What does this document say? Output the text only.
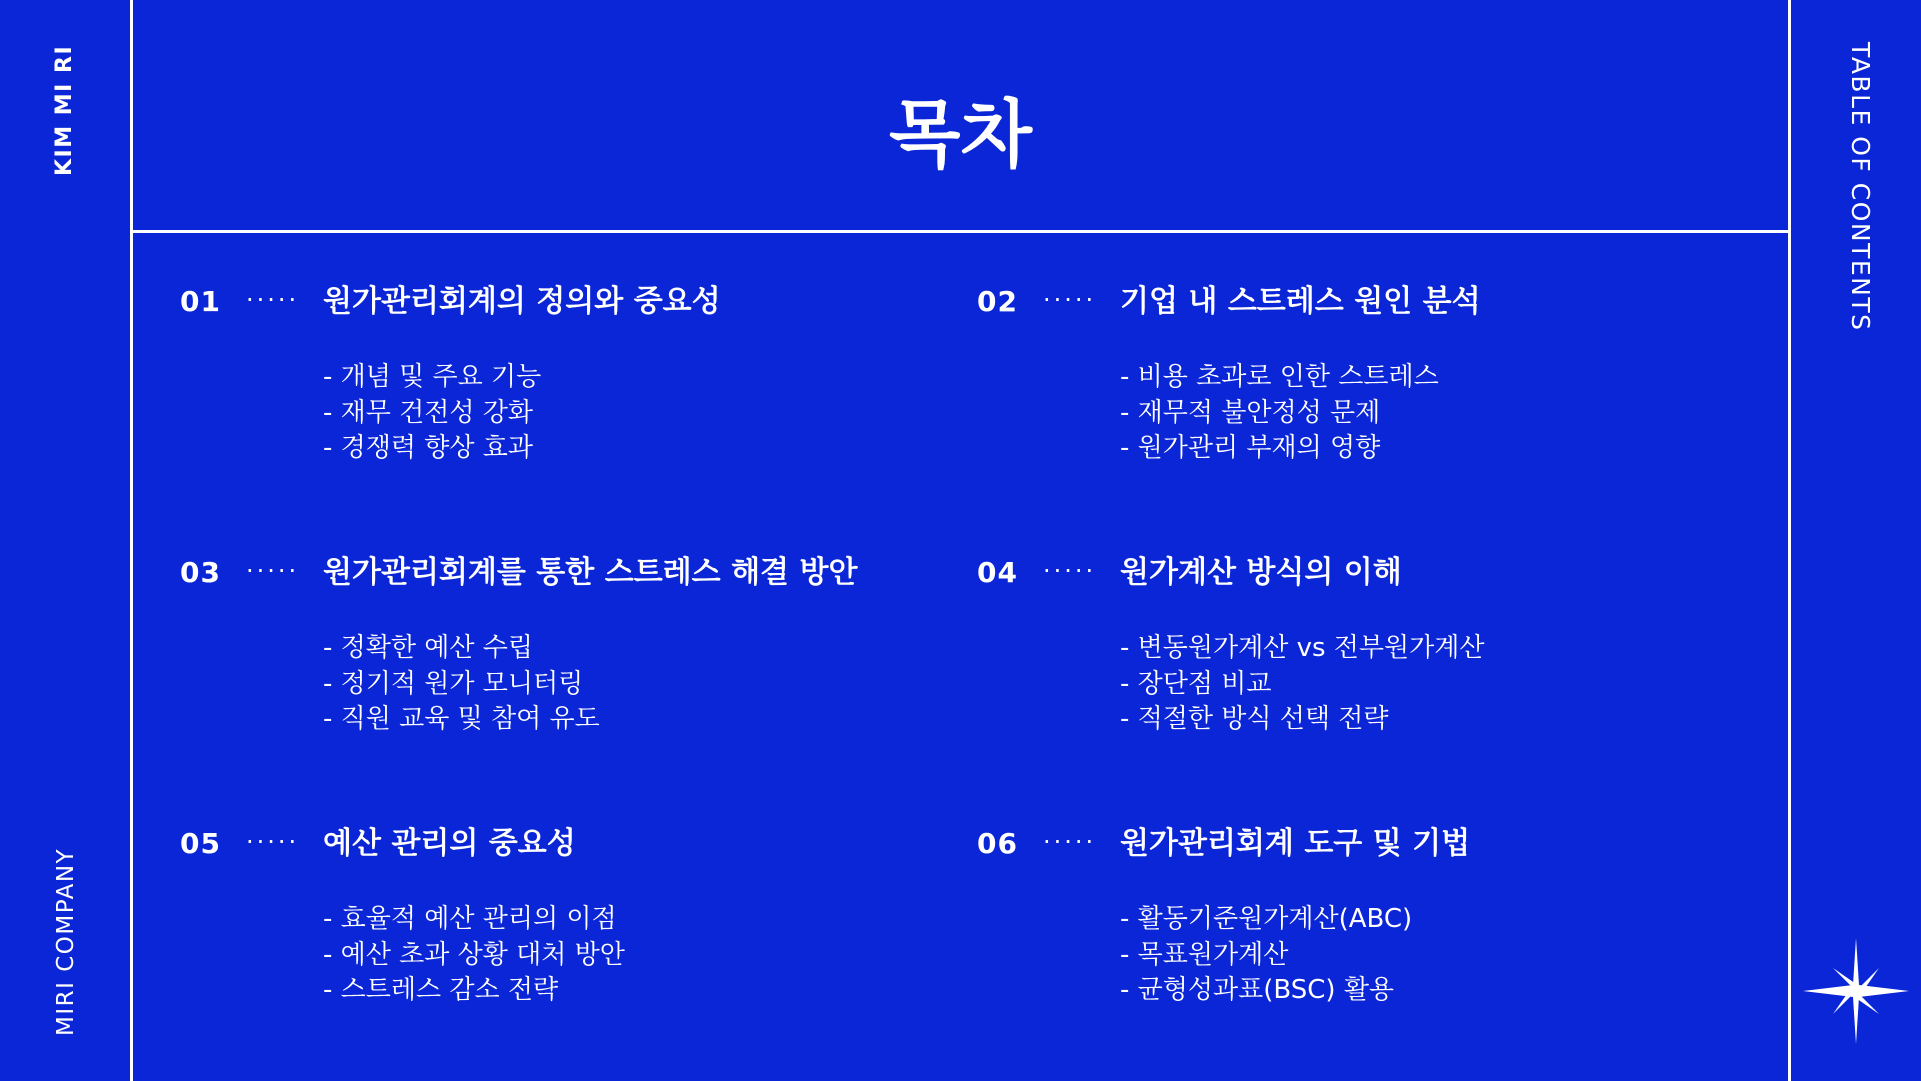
KIM MI RI
MIRI COMPANY
TABLE OF CONTENTS
목차
01 ····· 원가관리회계의 정의와 중요성
- 개념 및 주요 기능
- 재무 건전성 강화
- 경쟁력 향상 효과
02 ····· 기업 내 스트레스 원인 분석
- 비용 초과로 인한 스트레스
- 재무적 불안정성 문제
- 원가관리 부재의 영향
03 ····· 원가관리회계를 통한 스트레스 해결 방안
- 정확한 예산 수립
- 정기적 원가 모니터링
- 직원 교육 및 참여 유도
04 ····· 원가계산 방식의 이해
- 변동원가계산 vs 전부원가계산
- 장단점 비교
- 적절한 방식 선택 전략
05 ····· 예산 관리의 중요성
- 효율적 예산 관리의 이점
- 예산 초과 상황 대처 방안
- 스트레스 감소 전략
06 ····· 원가관리회계 도구 및 기법
- 활동기준원가계산(ABC)
- 목표원가계산
- 균형성과표(BSC) 활용
